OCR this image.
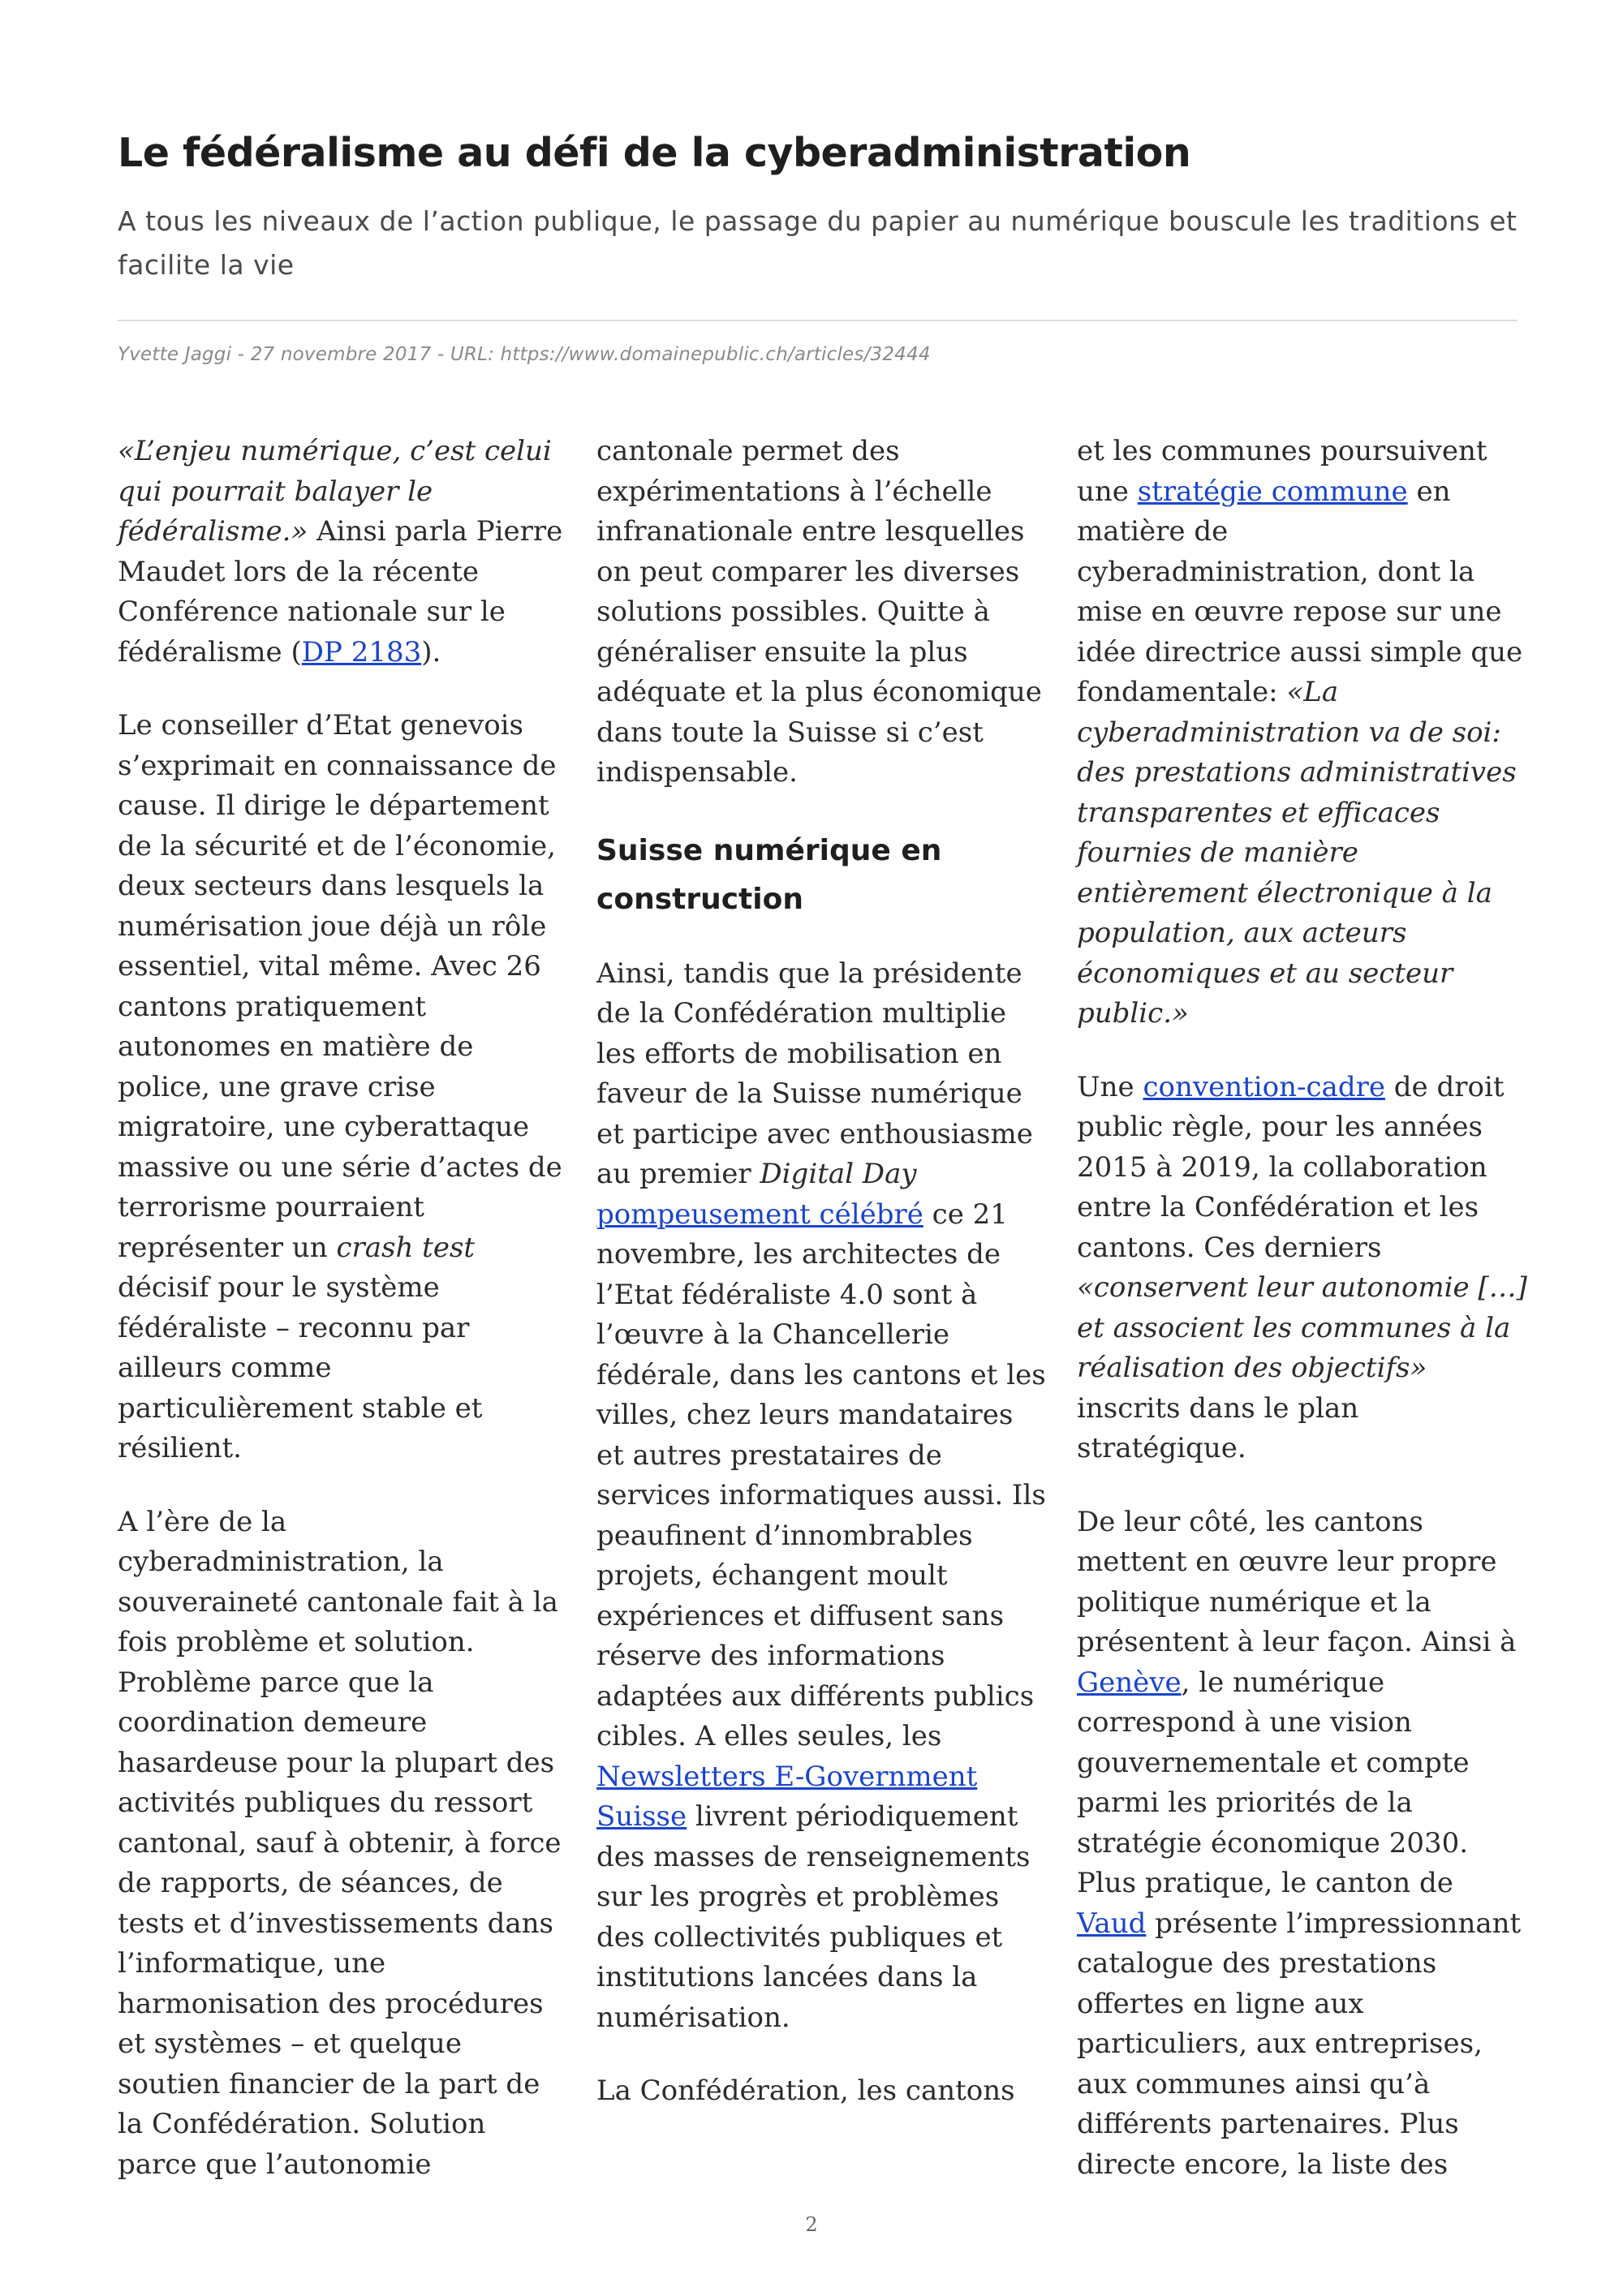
Le fédéralisme au défi de la cyberadministration

A tous les niveaux de l’action publique, le passage du papier au numérique bouscule les traditions et facilite la vie

Yvette Jaggi - 27 novembre 2017 - URL: https://www.domainepublic.ch/articles/32444

«L’enjeu numérique, c’est celui qui pourrait balayer le fédéralisme.» Ainsi parla Pierre Maudet lors de la récente Conférence nationale sur le fédéralisme (DP 2183).

Le conseiller d’Etat genevois s’exprimait en connaissance de cause. Il dirige le département de la sécurité et de l’économie, deux secteurs dans lesquels la numérisation joue déjà un rôle essentiel, vital même. Avec 26 cantons pratiquement autonomes en matière de police, une grave crise migratoire, une cyberattaque massive ou une série d’actes de terrorisme pourraient représenter un crash test décisif pour le système fédéraliste – reconnu par ailleurs comme particulièrement stable et résilient.

A l’ère de la cyberadministration, la souveraineté cantonale fait à la fois problème et solution. Problème parce que la coordination demeure hasardeuse pour la plupart des activités publiques du ressort cantonal, sauf à obtenir, à force de rapports, de séances, de tests et d’investissements dans l’informatique, une harmonisation des procédures et systèmes – et quelque soutien financier de la part de la Confédération. Solution parce que l’autonomie

cantonale permet des expérimentations à l’échelle infranationale entre lesquelles on peut comparer les diverses solutions possibles. Quitte à généraliser ensuite la plus adéquate et la plus économique dans toute la Suisse si c’est indispensable.

Suisse numérique en construction

Ainsi, tandis que la présidente de la Confédération multiplie les efforts de mobilisation en faveur de la Suisse numérique et participe avec enthousiasme au premier Digital Day pompeusement célébré ce 21 novembre, les architectes de l’Etat fédéraliste 4.0 sont à l’œuvre à la Chancellerie fédérale, dans les cantons et les villes, chez leurs mandataires et autres prestataires de services informatiques aussi. Ils peaufinent d’innombrables projets, échangent moult expériences et diffusent sans réserve des informations adaptées aux différents publics cibles. A elles seules, les Newsletters E-Government Suisse livrent périodiquement des masses de renseignements sur les progrès et problèmes des collectivités publiques et institutions lancées dans la numérisation.

La Confédération, les cantons

et les communes poursuivent une stratégie commune en matière de cyberadministration, dont la mise en œuvre repose sur une idée directrice aussi simple que fondamentale: «La cyberadministration va de soi: des prestations administratives transparentes et efficaces fournies de manière entièrement électronique à la population, aux acteurs économiques et au secteur public.»

Une convention-cadre de droit public règle, pour les années 2015 à 2019, la collaboration entre la Confédération et les cantons. Ces derniers «conservent leur autonomie […] et associent les communes à la réalisation des objectifs» inscrits dans le plan stratégique.

De leur côté, les cantons mettent en œuvre leur propre politique numérique et la présentent à leur façon. Ainsi à Genève, le numérique correspond à une vision gouvernementale et compte parmi les priorités de la stratégie économique 2030. Plus pratique, le canton de Vaud présente l’impressionnant catalogue des prestations offertes en ligne aux particuliers, aux entreprises, aux communes ainsi qu’à différents partenaires. Plus directe encore, la liste des

2
